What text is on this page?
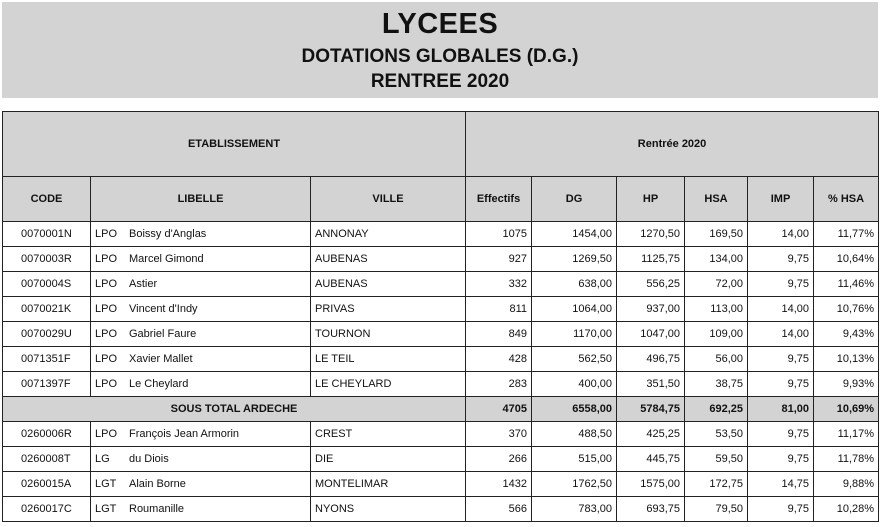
LYCEES
DOTATIONS GLOBALES (D.G.)
RENTREE 2020
ETABLISSEMENT			Rentrée 2020					
CODE	LIBELLE	VILLE	Effectifs	DG	HP	HSA	IMP	% HSA
0070001N	LPO Boissy d'Anglas	ANNONAY	1075	1454,00	1270,50	169,50	14,00	11,77%
0070003R	LPO Marcel Gimond	AUBENAS	927	1269,50	1125,75	134,00	9,75	10,64%
0070004S	LPO Astier	AUBENAS	332	638,00	556,25	72,00	9,75	11,46%
0070021K	LPO Vincent d'Indy	PRIVAS	811	1064,00	937,00	113,00	14,00	10,76%
0070029U	LPO Gabriel Faure	TOURNON	849	1170,00	1047,00	109,00	14,00	9,43%
0071351F	LPO Xavier Mallet	LE TEIL	428	562,50	496,75	56,00	9,75	10,13%
0071397F	LPO Le Cheylard	LE CHEYLARD	283	400,00	351,50	38,75	9,75	9,93%
SOUS TOTAL ARDECHE			4705	6558,00	5784,75	692,25	81,00	10,69%
0260006R	LPO François Jean Armorin	CREST	370	488,50	425,25	53,50	9,75	11,17%
0260008T	LG du Diois	DIE	266	515,00	445,75	59,50	9,75	11,78%
0260015A	LGT Alain Borne	MONTELIMAR	1432	1762,50	1575,00	172,75	14,75	9,88%
0260017C	LGT Roumanille	NYONS	566	783,00	693,75	79,50	9,75	10,28%
